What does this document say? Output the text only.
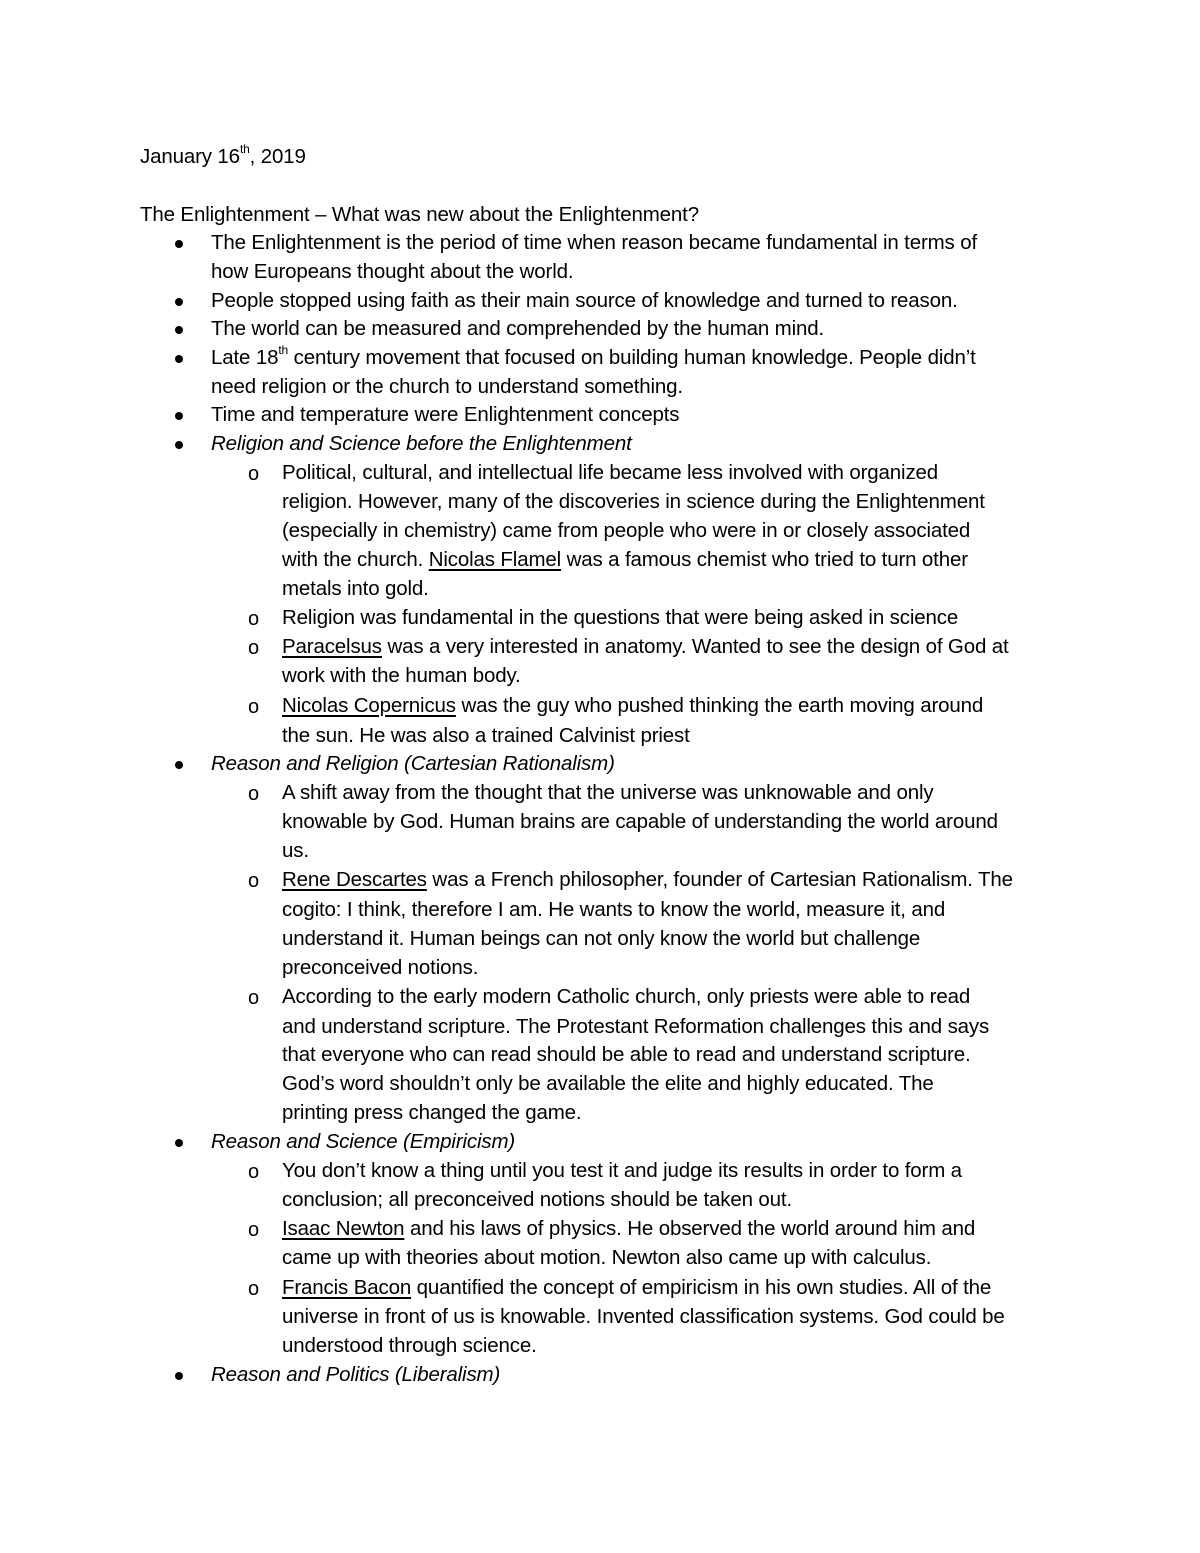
January 16th, 2019
The Enlightenment – What was new about the Enlightenment?
The Enlightenment is the period of time when reason became fundamental in terms of
how Europeans thought about the world.
People stopped using faith as their main source of knowledge and turned to reason.
The world can be measured and comprehended by the human mind.
Late 18th century movement that focused on building human knowledge. People didn’t
need religion or the church to understand something.
Time and temperature were Enlightenment concepts
Religion and Science before the Enlightenment
o Political, cultural, and intellectual life became less involved with organized
religion. However, many of the discoveries in science during the Enlightenment
(especially in chemistry) came from people who were in or closely associated
with the church. Nicolas Flamel was a famous chemist who tried to turn other
metals into gold.
o Religion was fundamental in the questions that were being asked in science
o Paracelsus was a very interested in anatomy. Wanted to see the design of God at
work with the human body.
o Nicolas Copernicus was the guy who pushed thinking the earth moving around
the sun. He was also a trained Calvinist priest
Reason and Religion (Cartesian Rationalism)
o A shift away from the thought that the universe was unknowable and only
knowable by God. Human brains are capable of understanding the world around
us.
o Rene Descartes was a French philosopher, founder of Cartesian Rationalism. The
cogito: I think, therefore I am. He wants to know the world, measure it, and
understand it. Human beings can not only know the world but challenge
preconceived notions.
o According to the early modern Catholic church, only priests were able to read
and understand scripture. The Protestant Reformation challenges this and says
that everyone who can read should be able to read and understand scripture.
God’s word shouldn’t only be available the elite and highly educated. The
printing press changed the game.
Reason and Science (Empiricism)
o You don’t know a thing until you test it and judge its results in order to form a
conclusion; all preconceived notions should be taken out.
o Isaac Newton and his laws of physics. He observed the world around him and
came up with theories about motion. Newton also came up with calculus.
o Francis Bacon quantified the concept of empiricism in his own studies. All of the
universe in front of us is knowable. Invented classification systems. God could be
understood through science.
Reason and Politics (Liberalism)
